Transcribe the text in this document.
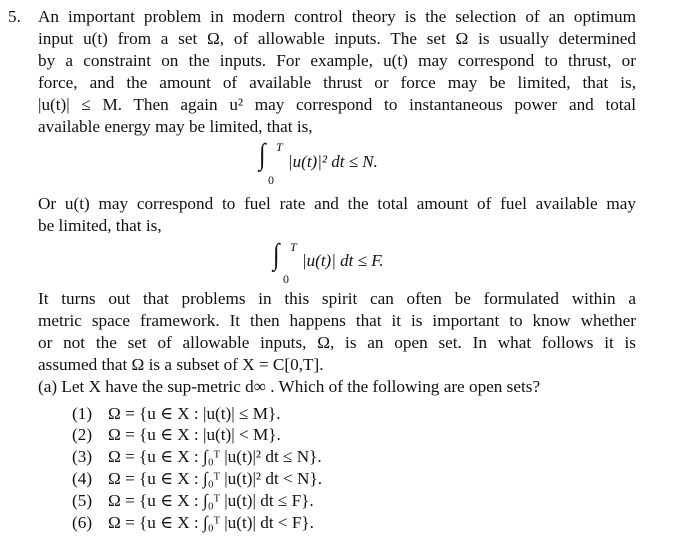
5. An important problem in modern control theory is the selection of an optimum
input u(t) from a set Ω, of allowable inputs. The set Ω is usually determined
by a constraint on the inputs. For example, u(t) may correspond to thrust, or
force, and the amount of available thrust or force may be limited, that is,
|u(t)| ≤ M. Then again u² may correspond to instantaneous power and total
available energy may be limited, that is,
∫ T
0
|u(t)|² dt ≤ N.
Or u(t) may correspond to fuel rate and the total amount of fuel available may
be limited, that is,
∫ T
0
|u(t)| dt ≤ F.
It turns out that problems in this spirit can often be formulated within a
metric space framework. It then happens that it is important to know whether
or not the set of allowable inputs, Ω, is an open set. In what follows it is
assumed that Ω is a subset of X = C[0,T].
(a) Let X have the sup-metric d∞ . Which of the following are open sets?
(1) Ω = {u ∈ X : |u(t)| ≤ M}.
(2) Ω = {u ∈ X : |u(t)| < M}.
(3) Ω = {u ∈ X : ∫₀ᵀ |u(t)|² dt ≤ N}.
(4) Ω = {u ∈ X : ∫₀ᵀ |u(t)|² dt < N}.
(5) Ω = {u ∈ X : ∫₀ᵀ |u(t)| dt ≤ F}.
(6) Ω = {u ∈ X : ∫₀ᵀ |u(t)| dt < F}.
